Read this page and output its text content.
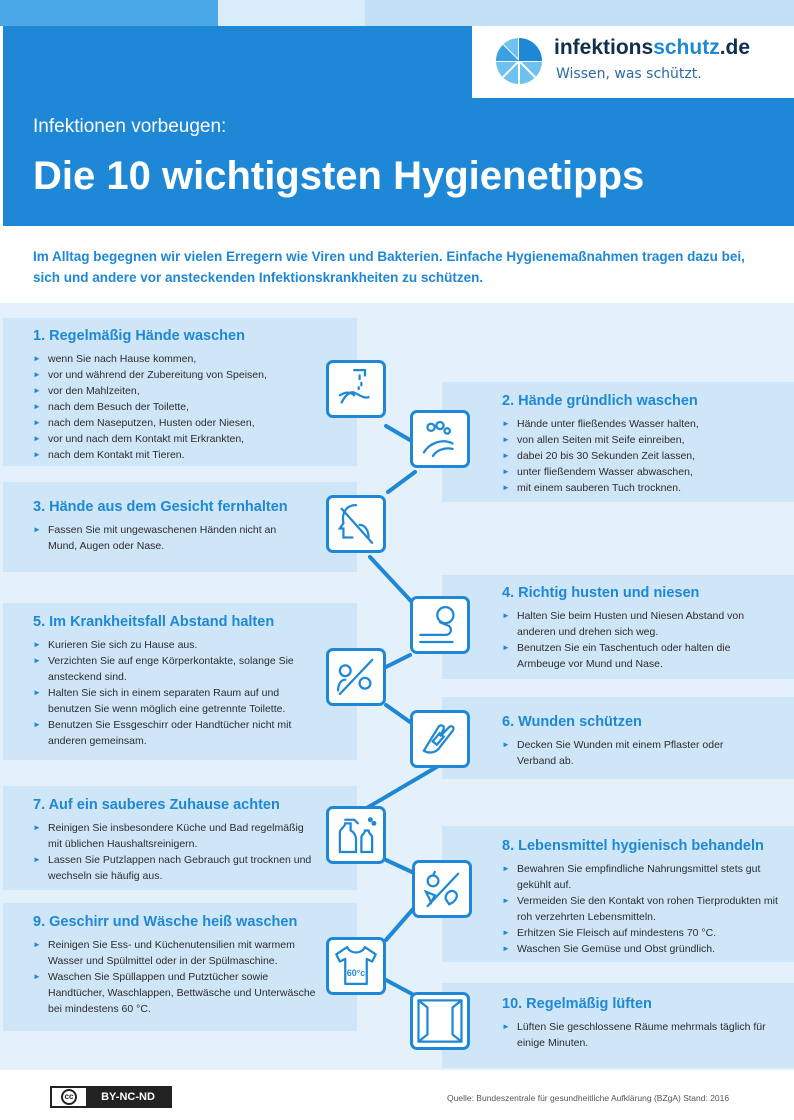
infektionsschutz.de
Wissen, was schützt.
Infektionen vorbeugen:
Die 10 wichtigsten Hygienetipps
Im Alltag begegnen wir vielen Erregern wie Viren und Bakterien. Einfache Hygienemaßnahmen tragen dazu bei, sich und andere vor ansteckenden Infektionskrankheiten zu schützen.
60°c
1. Regelmäßig Hände waschen
► wenn Sie nach Hause kommen,
► vor und während der Zubereitung von Speisen,
► vor den Mahlzeiten,
► nach dem Besuch der Toilette,
► nach dem Naseputzen, Husten oder Niesen,
► vor und nach dem Kontakt mit Erkrankten,
► nach dem Kontakt mit Tieren.
2. Hände gründlich waschen
► Hände unter fließendes Wasser halten,
► von allen Seiten mit Seife einreiben,
► dabei 20 bis 30 Sekunden Zeit lassen,
► unter fließendem Wasser abwaschen,
► mit einem sauberen Tuch trocknen.
3. Hände aus dem Gesicht fernhalten
► Fassen Sie mit ungewaschenen Händen nicht an Mund, Augen oder Nase.
4. Richtig husten und niesen
► Halten Sie beim Husten und Niesen Abstand von anderen und drehen sich weg.
► Benutzen Sie ein Taschentuch oder halten die Armbeuge vor Mund und Nase.
5. Im Krankheitsfall Abstand halten
► Kurieren Sie sich zu Hause aus.
► Verzichten Sie auf enge Körperkontakte, solange Sie ansteckend sind.
► Halten Sie sich in einem separaten Raum auf und benutzen Sie wenn möglich eine getrennte Toilette.
► Benutzen Sie Essgeschirr oder Handtücher nicht mit anderen gemeinsam.
6. Wunden schützen
► Decken Sie Wunden mit einem Pflaster oder Verband ab.
7. Auf ein sauberes Zuhause achten
► Reinigen Sie insbesondere Küche und Bad regelmäßig mit üblichen Haushaltsreinigern.
► Lassen Sie Putzlappen nach Gebrauch gut trocknen und wechseln sie häufig aus.
8. Lebensmittel hygienisch behandeln
► Bewahren Sie empfindliche Nahrungsmittel stets gut gekühlt auf.
► Vermeiden Sie den Kontakt von rohen Tierprodukten mit roh verzehrten Lebensmitteln.
► Erhitzen Sie Fleisch auf mindestens 70 °C.
► Waschen Sie Gemüse und Obst gründlich.
9. Geschirr und Wäsche heiß waschen
► Reinigen Sie Ess- und Küchenutensilien mit warmem Wasser und Spülmittel oder in der Spülmaschine.
► Waschen Sie Spüllappen und Putztücher sowie Handtücher, Waschlappen, Bettwäsche und Unterwäsche bei mindestens 60 °C.	10. Regelmäßig lüften
► Lüften Sie geschlossene Räume mehrmals täglich für einige Minuten.
cc	BY-NC-ND	Quelle: Bundeszentrale für gesundheitliche Aufklärung (BZgA) Stand: 2016
